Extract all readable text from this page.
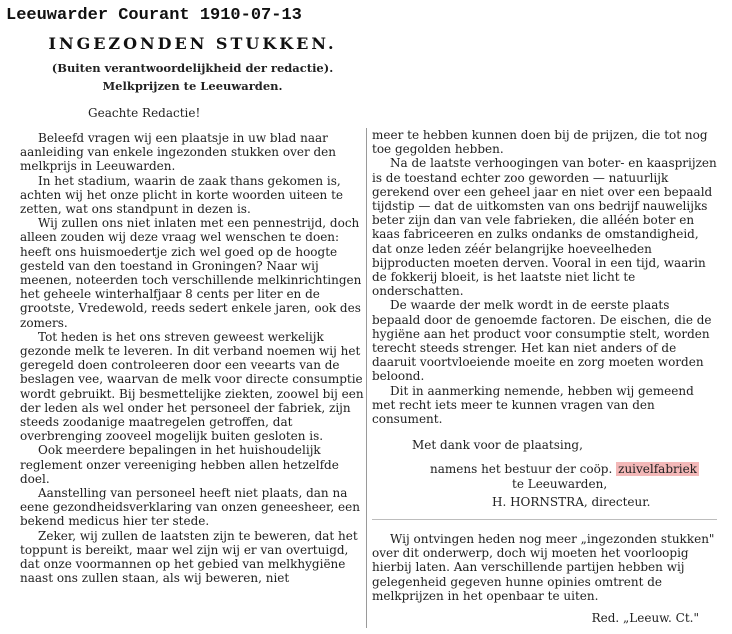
Leeuwarder Courant 1910-07-13
INGEZONDEN STUKKEN.
(Buiten verantwoordelijkheid der redactie).
Melkprijzen te Leeuwarden.
Geachte Redactie!

Beleefd vragen wij een plaatsje in uw blad naar aanleiding van enkele ingezonden stukken over den melkprijs in Leeuwarden.

In het stadium, waarin de zaak thans gekomen is, achten wij het onze plicht in korte woorden uiteen te zetten, wat ons standpunt in dezen is.

Wij zullen ons niet inlaten met een pennestrijd, doch alleen zouden wij deze vraag wel wenschen te doen: heeft ons huismoedertje zich wel goed op de hoogte gesteld van den toestand in Groningen? Naar wij meenen, noteerden toch verschillende melkinrichtingen het geheele winterhalfjaar 8 cents per liter en de grootste, Vredewold, reeds sedert enkele jaren, ook des zomers.

Tot heden is het ons streven geweest werkelijk gezonde melk te leveren. In dit verband noemen wij het geregeld doen controleeren door een veearts van de beslagen vee, waarvan de melk voor directe consumptie wordt gebruikt. Bij besmettelijke ziekten, zoowel bij een der leden als wel onder het personeel der fabriek, zijn steeds zoodanige maatregelen getroffen, dat overbrenging zooveel mogelijk buiten gesloten is.

Ook meerdere bepalingen in het huishoudelijk reglement onzer vereeniging hebben allen hetzelfde doel.

Aanstelling van personeel heeft niet plaats, dan na eene gezondheidsverklaring van onzen geneesheer, een bekend medicus hier ter stede.

Zeker, wij zullen de laatsten zijn te beweren, dat het toppunt is bereikt, maar wel zijn wij er van overtuigd, dat onze voormannen op het gebied van melkhygiëne naast ons zullen staan, als wij beweren, niet

meer te hebben kunnen doen bij de prijzen, die tot nog toe gegolden hebben.

Na de laatste verhoogingen van boter- en kaasprijzen is de toestand echter zoo geworden — natuurlijk gerekend over een geheel jaar en niet over een bepaald tijdstip — dat de uitkomsten van ons bedrijf nauwelijks beter zijn dan van vele fabrieken, die alléén boter en kaas fabriceeren en zulks ondanks de omstandigheid, dat onze leden zéér belangrijke hoeveelheden bijproducten moeten derven. Vooral in een tijd, waarin de fokkerij bloeit, is het laatste niet licht te onderschatten.

De waarde der melk wordt in de eerste plaats bepaald door de genoemde factoren. De eischen, die de hygiëne aan het product voor consumptie stelt, worden terecht steeds strenger. Het kan niet anders of de daaruit voortvloeiende moeite en zorg moeten worden beloond.

Dit in aanmerking nemende, hebben wij gemeend met recht iets meer te kunnen vragen van den consument.

Met dank voor de plaatsing,

namens het bestuur der coöp. zuivelfabriek

te Leeuwarden,

H. HORNSTRA, directeur.

Wij ontvingen heden nog meer „ingezonden stukken" over dit onderwerp, doch wij moeten het voorloopig hierbij laten. Aan verschillende partijen hebben wij gelegenheid gegeven hunne opinies omtrent de melkprijzen in het openbaar te uiten.

Red. „Leeuw. Ct."
